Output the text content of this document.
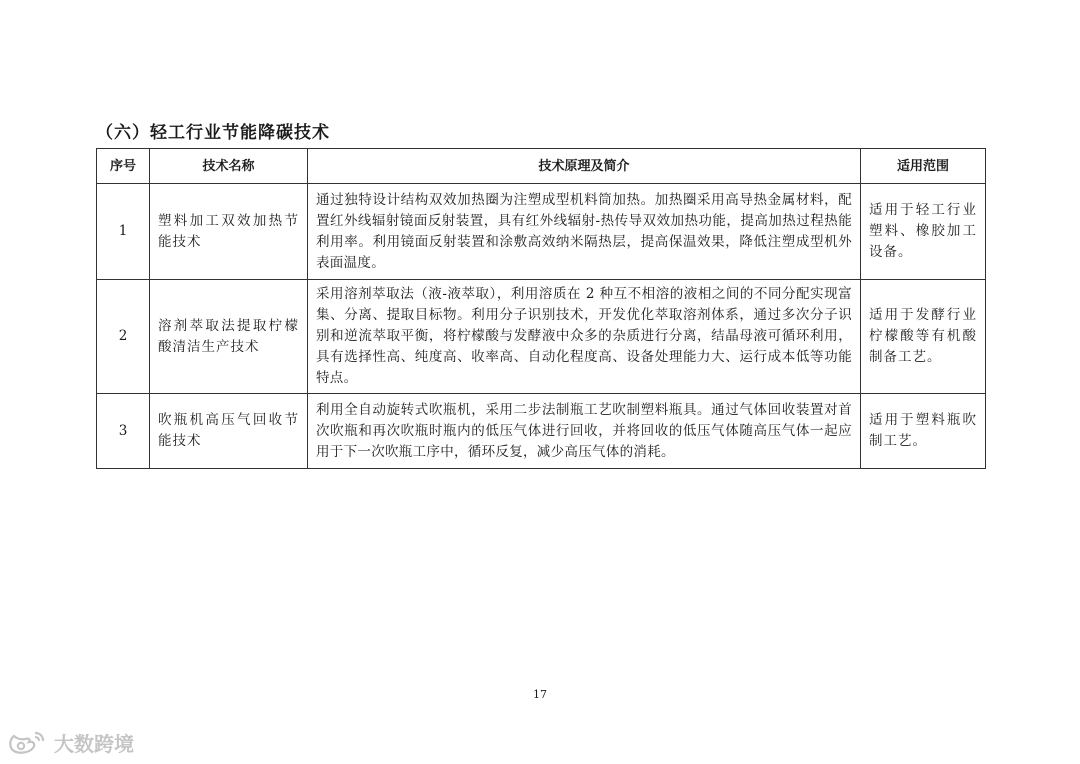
（六）轻工行业节能降碳技术
序号	技术名称	技术原理及简介	适用范围
1	塑料加工双效加热节能技术	通过独特设计结构双效加热圈为注塑成型机料筒加热。加热圈采用高导热金属材料，配置红外线辐射镜面反射装置，具有红外线辐射-热传导双效加热功能，提高加热过程热能利用率。利用镜面反射装置和涂敷高效纳米隔热层，提高保温效果，降低注塑成型机外表面温度。	适用于轻工行业塑料、橡胶加工设备。
2	溶剂萃取法提取柠檬酸清洁生产技术	采用溶剂萃取法（液-液萃取），利用溶质在 2 种互不相溶的液相之间的不同分配实现富集、分离、提取目标物。利用分子识别技术，开发优化萃取溶剂体系，通过多次分子识别和逆流萃取平衡，将柠檬酸与发酵液中众多的杂质进行分离，结晶母液可循环利用，具有选择性高、纯度高、收率高、自动化程度高、设备处理能力大、运行成本低等功能特点。	适用于发酵行业柠檬酸等有机酸制备工艺。
3	吹瓶机高压气回收节能技术	利用全自动旋转式吹瓶机，采用二步法制瓶工艺吹制塑料瓶具。通过气体回收装置对首次吹瓶和再次吹瓶时瓶内的低压气体进行回收，并将回收的低压气体随高压气体一起应用于下一次吹瓶工序中，循环反复，减少高压气体的消耗。	适用于塑料瓶吹制工艺。
17
大数跨境
